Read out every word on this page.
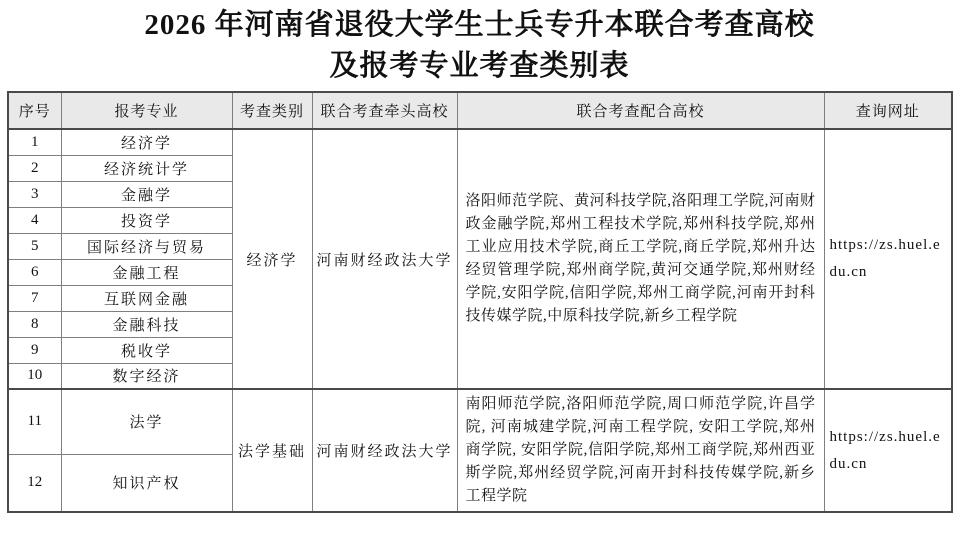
2026 年河南省退役大学生士兵专升本联合考查高校
及报考专业考查类别表
序号	报考专业	考查类别	联合考查牵头高校	联合考查配合高校	查询网址
1	经济学	经济学	河南财经政法大学	洛阳师范学院、黄河科技学院,洛阳理工学院,河南财政金融学院,郑州工程技术学院,郑州科技学院,郑州工业应用技术学院,商丘工学院,商丘学院,郑州升达经贸管理学院,郑州商学院,黄河交通学院,郑州财经学院,安阳学院,信阳学院,郑州工商学院,河南开封科技传媒学院,中原科技学院,新乡工程学院	https://zs.huel.edu.cn
2	经济统计学				
3	金融学				
4	投资学				
5	国际经济与贸易				
6	金融工程				
7	互联网金融				
8	金融科技				
9	税收学				
10	数字经济				
11	法学	法学基础	河南财经政法大学	南阳师范学院,洛阳师范学院,周口师范学院,许昌学院, 河南城建学院,河南工程学院, 安阳工学院,郑州商学院, 安阳学院,信阳学院,郑州工商学院,郑州西亚斯学院,郑州经贸学院,河南开封科技传媒学院,新乡工程学院	https://zs.huel.edu.cn
12	知识产权				
